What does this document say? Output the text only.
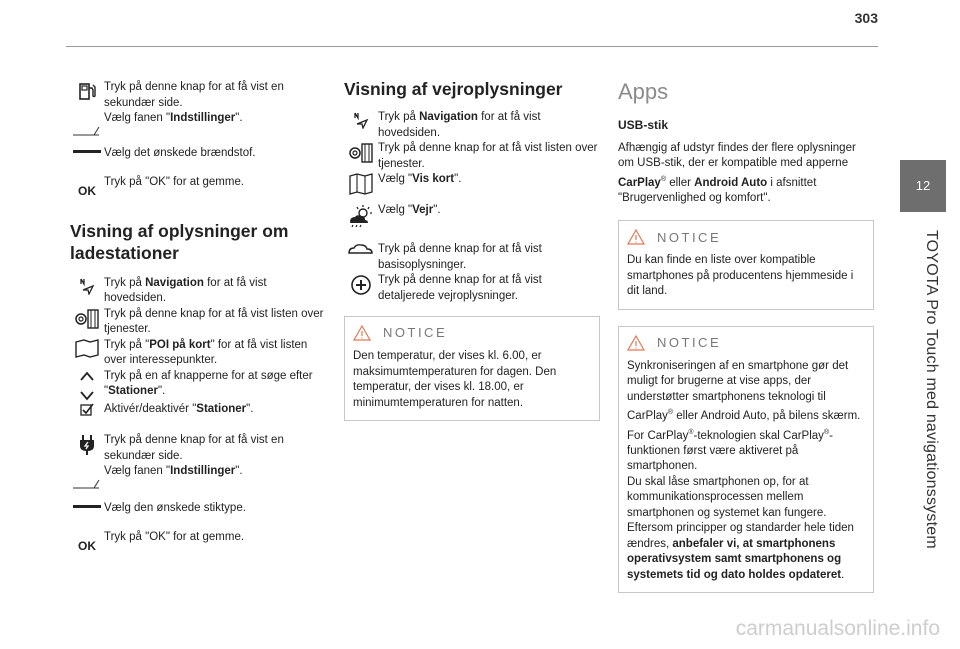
303
12
TOYOTA Pro Touch med navigationssystem
Tryk på denne knap for at få vist en sekundær side.
Vælg fanen "Indstillinger".
Vælg det ønskede brændstof.
OK
Tryk på "OK" for at gemme.
Visning af oplysninger om ladestationer
Tryk på Navigation for at få vist hovedsiden.
Tryk på denne knap for at få vist listen over tjenester.
Tryk på "POI på kort" for at få vist listen over interessepunkter.
Tryk på en af knapperne for at søge efter "Stationer".
Aktivér/deaktivér "Stationer".
Tryk på denne knap for at få vist en sekundær side.
Vælg fanen "Indstillinger".
Vælg den ønskede stiktype.
OK
Tryk på "OK" for at gemme.
Visning af vejroplysninger
Tryk på Navigation for at få vist hovedsiden.
Tryk på denne knap for at få vist listen over tjenester.
Vælg "Vis kort".
Vælg "Vejr".
Tryk på denne knap for at få vist basisoplysninger.
Tryk på denne knap for at få vist detaljerede vejroplysninger.
NOTICE
Den temperatur, der vises kl. 6.00, er maksimumtemperaturen for dagen. Den temperatur, der vises kl. 18.00, er minimumtemperaturen for natten.
Apps
USB-stik
Afhængig af udstyr findes der flere oplysninger om USB-stik, der er kompatible med apperne CarPlay® eller Android Auto i afsnittet "Brugervenlighed og komfort".
NOTICE
Du kan finde en liste over kompatible smartphones på producentens hjemmeside i dit land.
NOTICE
Synkroniseringen af en smartphone gør det muligt for brugerne at vise apps, der understøtter smartphonens teknologi til CarPlay® eller Android Auto, på bilens skærm. For CarPlay®-teknologien skal CarPlay®-funktionen først være aktiveret på smartphonen.
Du skal låse smartphonen op, for at kommunikationsprocessen mellem smartphonen og systemet kan fungere.
Eftersom principper og standarder hele tiden ændres, anbefaler vi, at smartphonens operativsystem samt smartphonens og systemets tid og dato holdes opdateret.
carmanualsonline.info
